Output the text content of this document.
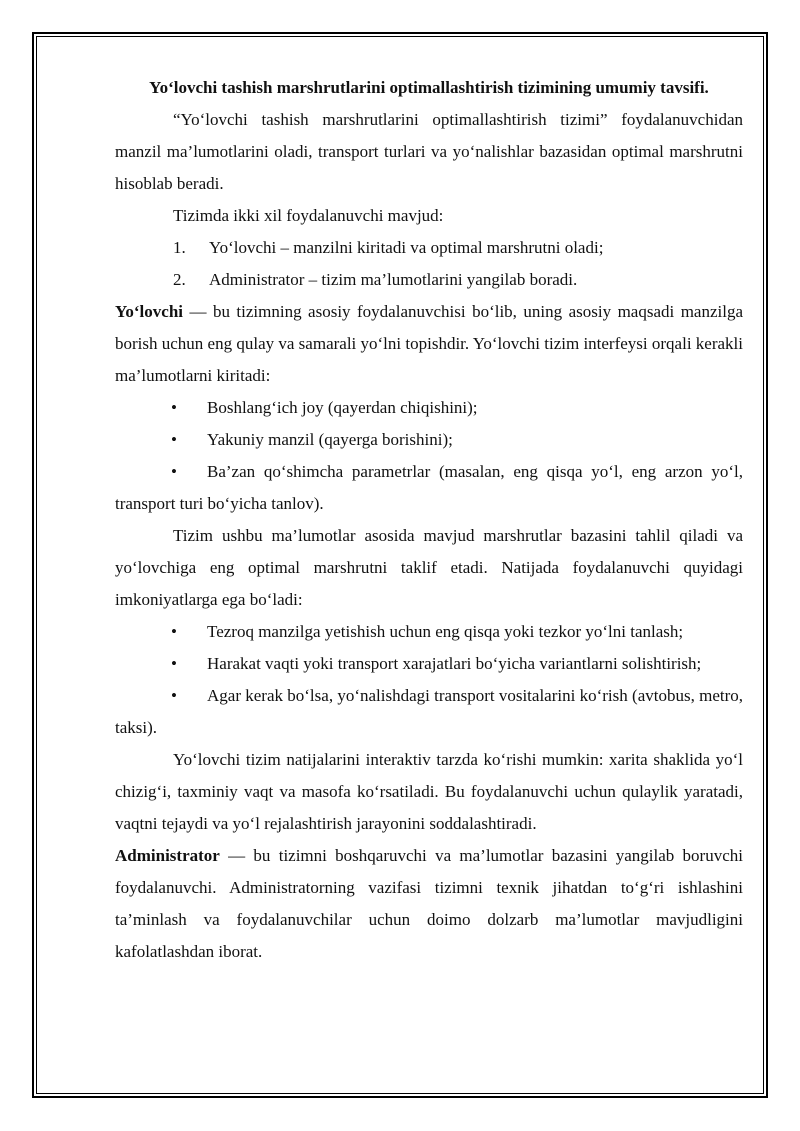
Yo‘lovchi tashish marshrutlarini optimallashtirish tizimining umumiy tavsifi.

“Yo‘lovchi tashish marshrutlarini optimallashtirish tizimi” foydalanuvchidan manzil ma’lumotlarini oladi, transport turlari va yo‘nalishlar bazasidan optimal marshrutni hisoblab beradi.

Tizimda ikki xil foydalanuvchi mavjud:

1.	Yo‘lovchi – manzilni kiritadi va optimal marshrutni oladi;
2.	Administrator – tizim ma’lumotlarini yangilab boradi.

Yo‘lovchi — bu tizimning asosiy foydalanuvchisi bo‘lib, uning asosiy maqsadi manzilga borish uchun eng qulay va samarali yo‘lni topishdir. Yo‘lovchi tizim interfeysi orqali kerakli ma’lumotlarni kiritadi:

• Boshlang‘ich joy (qayerdan chiqishini);

• Yakuniy manzil (qayerga borishini);

• Ba’zan qo‘shimcha parametrlar (masalan, eng qisqa yo‘l, eng arzon yo‘l, transport turi bo‘yicha tanlov).

Tizim ushbu ma’lumotlar asosida mavjud marshrutlar bazasini tahlil qiladi va yo‘lovchiga eng optimal marshrutni taklif etadi. Natijada foydalanuvchi quyidagi imkoniyatlarga ega bo‘ladi:

• Tezroq manzilga yetishish uchun eng qisqa yoki tezkor yo‘lni tanlash;

• Harakat vaqti yoki transport xarajatlari bo‘yicha variantlarni solishtirish;

• Agar kerak bo‘lsa, yo‘nalishdagi transport vositalarini ko‘rish (avtobus, metro, taksi).

Yo‘lovchi tizim natijalarini interaktiv tarzda ko‘rishi mumkin: xarita shaklida yo‘l chizig‘i, taxminiy vaqt va masofa ko‘rsatiladi. Bu foydalanuvchi uchun qulaylik yaratadi, vaqtni tejaydi va yo‘l rejalashtirish jarayonini soddalashtiradi.

Administrator — bu tizimni boshqaruvchi va ma’lumotlar bazasini yangilab boruvchi foydalanuvchi. Administratorning vazifasi tizimni texnik jihatdan to‘g‘ri ishlashini ta’minlash va foydalanuvchilar uchun doimo dolzarb ma’lumotlar mavjudligini kafolatlashdan iborat.
